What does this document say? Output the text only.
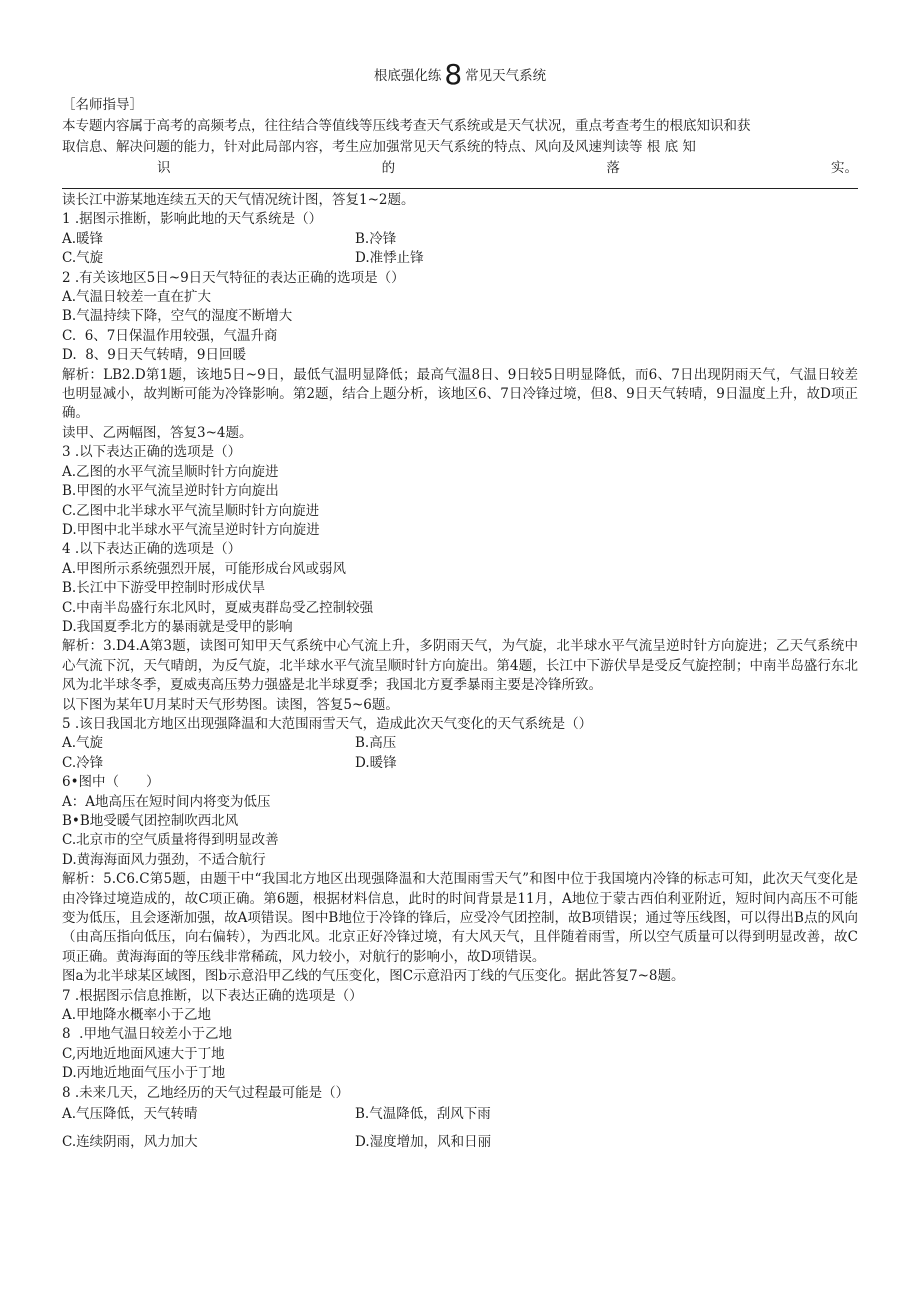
根底强化练 8 常见天气系统

［名师指导］

本专题内容属于高考的高频考点，往往结合等值线等压线考查天气系统或是天气状况，重点考查考生的根底知识和获

取信息、解决问题的能力，针对此局部内容，考生应加强常见天气系统的特点、风向及风速判读等 根 底 知

识	的	落	实。

读长江中游某地连续五天的天气情况统计图，答复1~2题。

1 .据图示推断，影响此地的天气系统是（）

A.暖锋	B.冷锋
C.气旋	D.准悸止锋

2 .有关该地区5日~9日天气特征的表达正确的选项是（）

A.气温日较差一直在扩大

B.气温持续下降，空气的湿度不断增大

C.  6、7日保温作用较强，气温升商

D.  8、9日天气转晴，9日回暖

解析：LB2.D第1题，该地5日~9日，最低气温明显降低；最高气温8日、9日较5日明显降低，而6、7日出现阴雨天气，气温日较差也明显减小，故判断可能为冷锋影响。第2题，结合上题分析，该地区6、7日冷锋过境，但8、9日天气转晴，9日温度上升，故D项正确。

读甲、乙两幅图，答复3~4题。

3 .以下表达正确的选项是（）

A.乙图的水平气流呈顺时针方向旋进

B.甲图的水平气流呈逆时针方向旋出

C.乙图中北半球水平气流呈顺时针方向旋进

D.甲图中北半球水平气流呈逆时针方向旋进

4 .以下表达正确的选项是（）

A.甲图所示系统强烈开展，可能形成台风或弱风

B.长江中下游受甲控制时形成伏旱

C.中南半岛盛行东北风时，夏威夷群岛受乙控制较强

D.我国夏季北方的暴雨就是受甲的影响

解析：3.D4.A第3题，读图可知甲天气系统中心气流上升，多阴雨天气，为气旋，北半球水平气流呈逆时针方向旋进；乙天气系统中心气流下沉，天气晴朗，为反气旋，北半球水平气流呈顺时针方向旋出。第4题，长江中下游伏旱是受反气旋控制；中南半岛盛行东北风为北半球冬季，夏威夷高压势力强盛是北半球夏季；我国北方夏季暴雨主要是冷锋所致。

以下图为某年U月某时天气形势图。读图，答复5~6题。

5 .该日我国北方地区出现强降温和大范围雨雪天气，造成此次天气变化的天气系统是（）

A.气旋	B.高压
C.冷锋	D.暖锋

6•图中（　　）

A：A地高压在短时间内将变为低压

B•B地受暖气团控制吹西北风

C.北京市的空气质量将得到明显改善

D.黄海海面风力强劲，不适合航行

解析：5.C6.C第5题，由题干中“我国北方地区出现强降温和大范围雨雪天气”和图中位于我国境内冷锋的标志可知，此次天气变化是由冷锋过境造成的，故C项正确。第6题，根据材料信息，此时的时间背景是11月，A地位于蒙古西伯利亚附近，短时间内高压不可能变为低压，且会逐渐加强，故A项错误。图中B地位于冷锋的锋后，应受冷气团控制，故B项错误；通过等压线图，可以得出B点的风向（由高压指向低压，向右偏转），为西北风。北京正好冷锋过境，有大风天气，且伴随着雨雪，所以空气质量可以得到明显改善，故C项正确。黄海海面的等压线非常稀疏，风力较小，对航行的影响小，故D项错误。

图a为北半球某区域图，图b示意沿甲乙线的气压变化，图C示意沿丙丁线的气压变化。据此答复7~8题。

7 .根据图示信息推断，以下表达正确的选项是（）

A.甲地降水概率小于乙地

8  .甲地气温日较差小于乙地

C,丙地近地面风速大于丁地

D.丙地近地面气压小于丁地

8 .未来几天，乙地经历的天气过程最可能是（）

A.气压降低，天气转晴	B.气温降低，刮风下雨
C.连续阴雨，风力加大	D.湿度增加，风和日丽
